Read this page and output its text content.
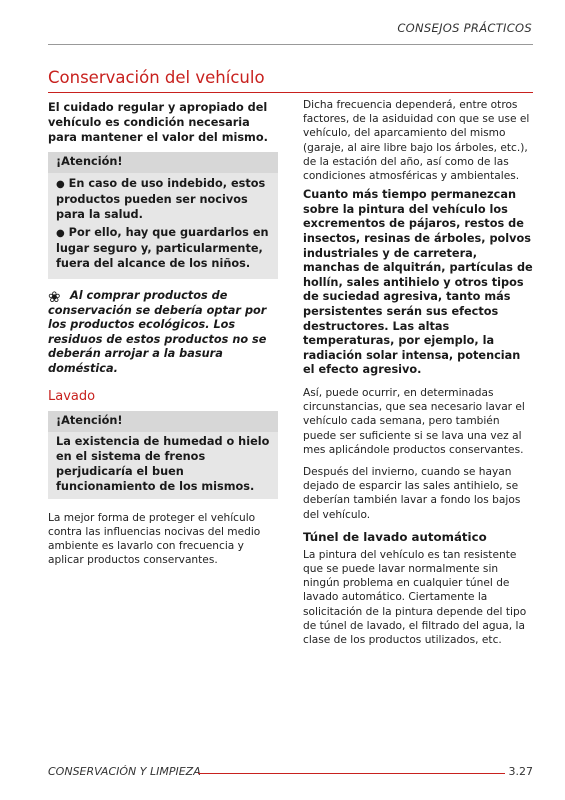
CONSEJOS PRÁCTICOS
Conservación del vehículo

El cuidado regular y apropiado del vehículo es condición necesaria para mantener el valor del mismo.

¡Atención!
● En caso de uso indebido, estos productos pueden ser nocivos para la salud.
● Por ello, hay que guardarlos en lugar seguro y, particularmente, fuera del alcance de los niños.

❀ Al comprar productos de conservación se debería optar por los productos ecológicos. Los residuos de estos productos no se deberán arrojar a la basura doméstica.

Lavado
¡Atención!
La existencia de humedad o hielo en el sistema de frenos perjudicaría el buen funcionamiento de los mismos.

La mejor forma de proteger el vehículo contra las influencias nocivas del medio ambiente es lavarlo con frecuencia y aplicar productos conservantes.

Dicha frecuencia dependerá, entre otros factores, de la asiduidad con que se use el vehículo, del aparcamiento del mismo (garaje, al aire libre bajo los árboles, etc.), de la estación del año, así como de las condiciones atmosféricas y ambientales.

Cuanto más tiempo permanezcan sobre la pintura del vehículo los excrementos de pájaros, restos de insectos, resinas de árboles, polvos industriales y de carretera, manchas de alquitrán, partículas de hollín, sales antihielo y otros tipos de suciedad agresiva, tanto más persistentes serán sus efectos destructores. Las altas temperaturas, por ejemplo, la radiación solar intensa, potencian el efecto agresivo.

Así, puede ocurrir, en determinadas circunstancias, que sea necesario lavar el vehículo cada semana, pero también puede ser suficiente si se lava una vez al mes aplicándole productos conservantes.

Después del invierno, cuando se hayan dejado de esparcir las sales antihielo, se deberían también lavar a fondo los bajos del vehículo.

Túnel de lavado automático

La pintura del vehículo es tan resistente que se puede lavar normalmente sin ningún problema en cualquier túnel de lavado automático. Ciertamente la solicitación de la pintura depende del tipo de túnel de lavado, el filtrado del agua, la clase de los productos utilizados, etc.

CONSERVACIÓN Y LIMPIEZA	3.27
